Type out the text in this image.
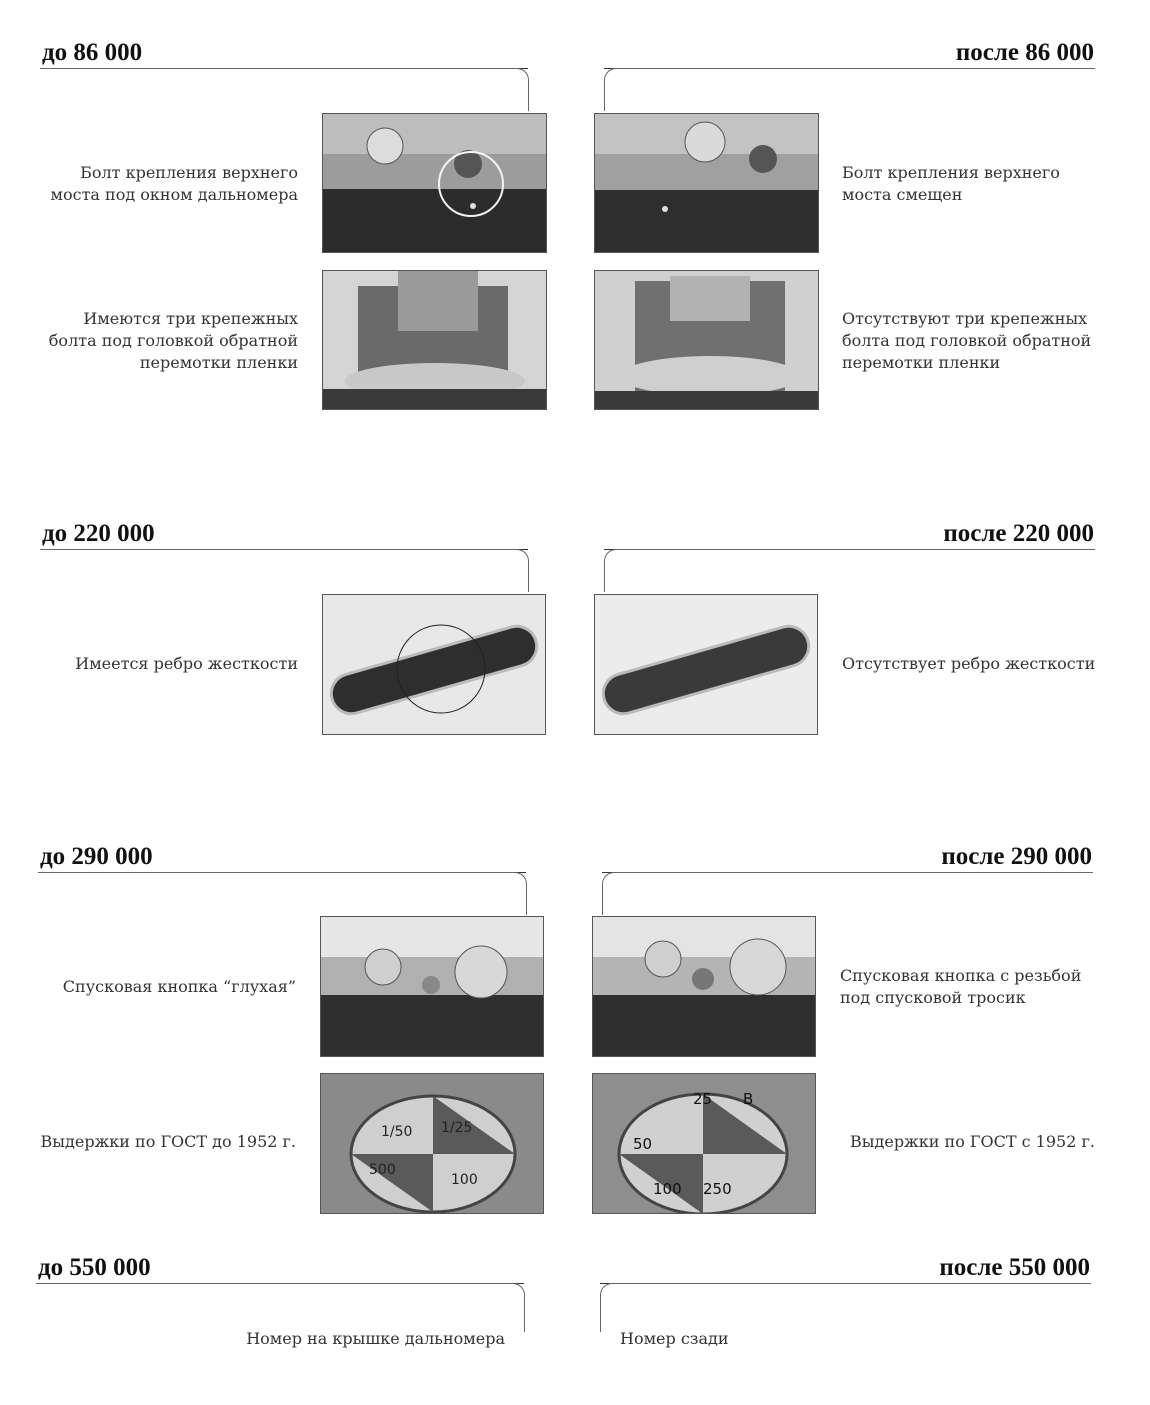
до 86 000	после 86 000
Болт крепления верхнего
моста под окном дальномера
Болт крепления верхнего
моста смещен
Имеются три крепежных
болта под головкой обратной
перемотки пленки
Отсутствуют три крепежных
болта под головкой обратной
перемотки пленки
до 220 000	после 220 000
Имеется ребро жесткости	Отсутствует ребро жесткости
до 290 000	после 290 000
Спусковая кнопка “глухая”
Спусковая кнопка с резьбой
под спусковой тросик
Выдержки по ГОСТ до 1952 г.
1/25
1/50
500
100
B
25
50
100 250
Выдержки по ГОСТ с 1952 г.
до 550 000	после 550 000
Номер на крышке дальномера	Номер сзади
